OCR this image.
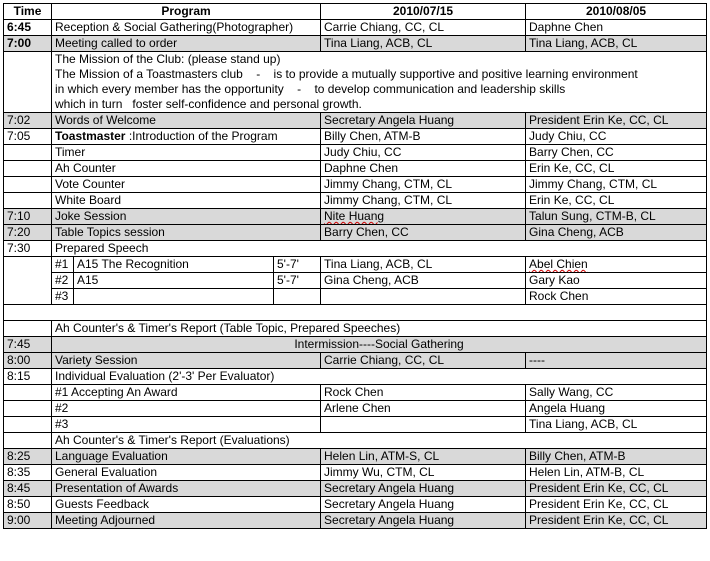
Time	Program			2010/07/15	2010/08/05
6:45	Reception & Social Gathering(Photographer)			Carrie Chiang, CC, CL	Daphne Chen
7:00	Meeting called to order			Tina Liang, ACB, CL	Tina Liang, ACB, CL

	The Mission of the Club: (please stand up)
The Mission of a Toastmasters club    -    is to provide a mutually supportive and positive learning environment
in which every member has the opportunity    -    to develop communication and leadership skills
which in turn foster self-confidence and personal growth.				

7:02	Words of Welcome			Secretary Angela Huang	President Erin Ke, CC, CL
7:05	Toastmaster :Introduction of the Program			Billy Chen, ATM-B	Judy Chiu, CC
	Timer			Judy Chiu, CC	Barry Chen, CC
	Ah Counter			Daphne Chen	Erin Ke, CC, CL
	Vote Counter			Jimmy Chang, CTM, CL	Jimmy Chang, CTM, CL
	White Board			Jimmy Chang, CTM, CL	Erin Ke, CC, CL
7:10	Joke Session			Nite Huang	Talun Sung, CTM-B, CL
7:20	Table Topics session			Barry Chen, CC	Gina Cheng, ACB
7:30	Prepared Speech				
	#1	A15 The Recognition	5'-7'	Tina Liang, ACB, CL	Abel Chien
	#2	A15	5'-7'	Gina Cheng, ACB	Gary Kao
	#3				Rock Chen

	Ah Counter's & Timer's Report (Table Topic, Prepared Speeches)				
7:45	Intermission----Social Gathering				
8:00	Variety Session			Carrie Chiang, CC, CL	----
8:15	Individual Evaluation (2'-3' Per Evaluator)				
	#1 Accepting An Award			Rock Chen	Sally Wang, CC
	#2			Arlene Chen	Angela Huang
	#3				Tina Liang, ACB, CL
	Ah Counter's & Timer's Report (Evaluations)				
8:25	Language Evaluation			Helen Lin, ATM-S, CL	Billy Chen, ATM-B
8:35	General Evaluation			Jimmy Wu, CTM, CL	Helen Lin, ATM-B, CL
8:45	Presentation of Awards			Secretary Angela Huang	President Erin Ke, CC, CL
8:50	Guests Feedback			Secretary Angela Huang	President Erin Ke, CC, CL
9:00	Meeting Adjourned			Secretary Angela Huang	President Erin Ke, CC, CL
